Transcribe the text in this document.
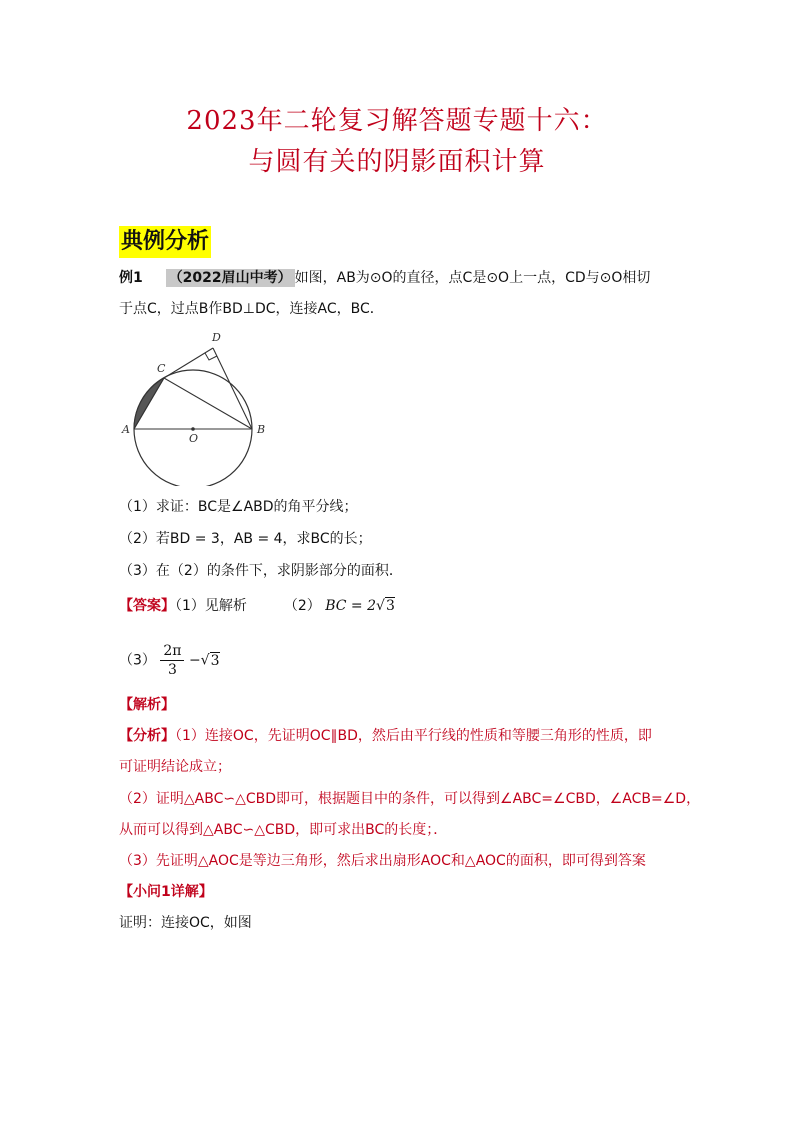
2023年二轮复习解答题专题十六：
与圆有关的阴影面积计算
典例分析
例1 （2022眉山中考） 如图，AB为⊙O的直径，点C是⊙O上一点，CD与⊙O相切
于点C，过点B作BD⊥DC，连接AC，BC．
A	B
C
D
O
（1）求证：BC是∠ABD的角平分线；
（2）若BD = 3，AB = 4，求BC的长；
（3）在（2）的条件下，求阴影部分的面积．
【答案】（1）见解析	（2） BC = 2√3
$(3) \frac{2\pi}{3} -√3$
【解析】
【分析】（1）连接OC，先证明OC∥BD，然后由平行线的性质和等腰三角形的性质，即
可证明结论成立；
（2）证明△ABC∽△CBD即可，根据题目中的条件，可以得到∠ABC=∠CBD，∠ACB=∠D，
从而可以得到△ABC∽△CBD，即可求出BC的长度；．
（3）先证明△AOC是等边三角形，然后求出扇形AOC和△AOC的面积，即可得到答案
【小问1详解】
证明：连接OC，如图
